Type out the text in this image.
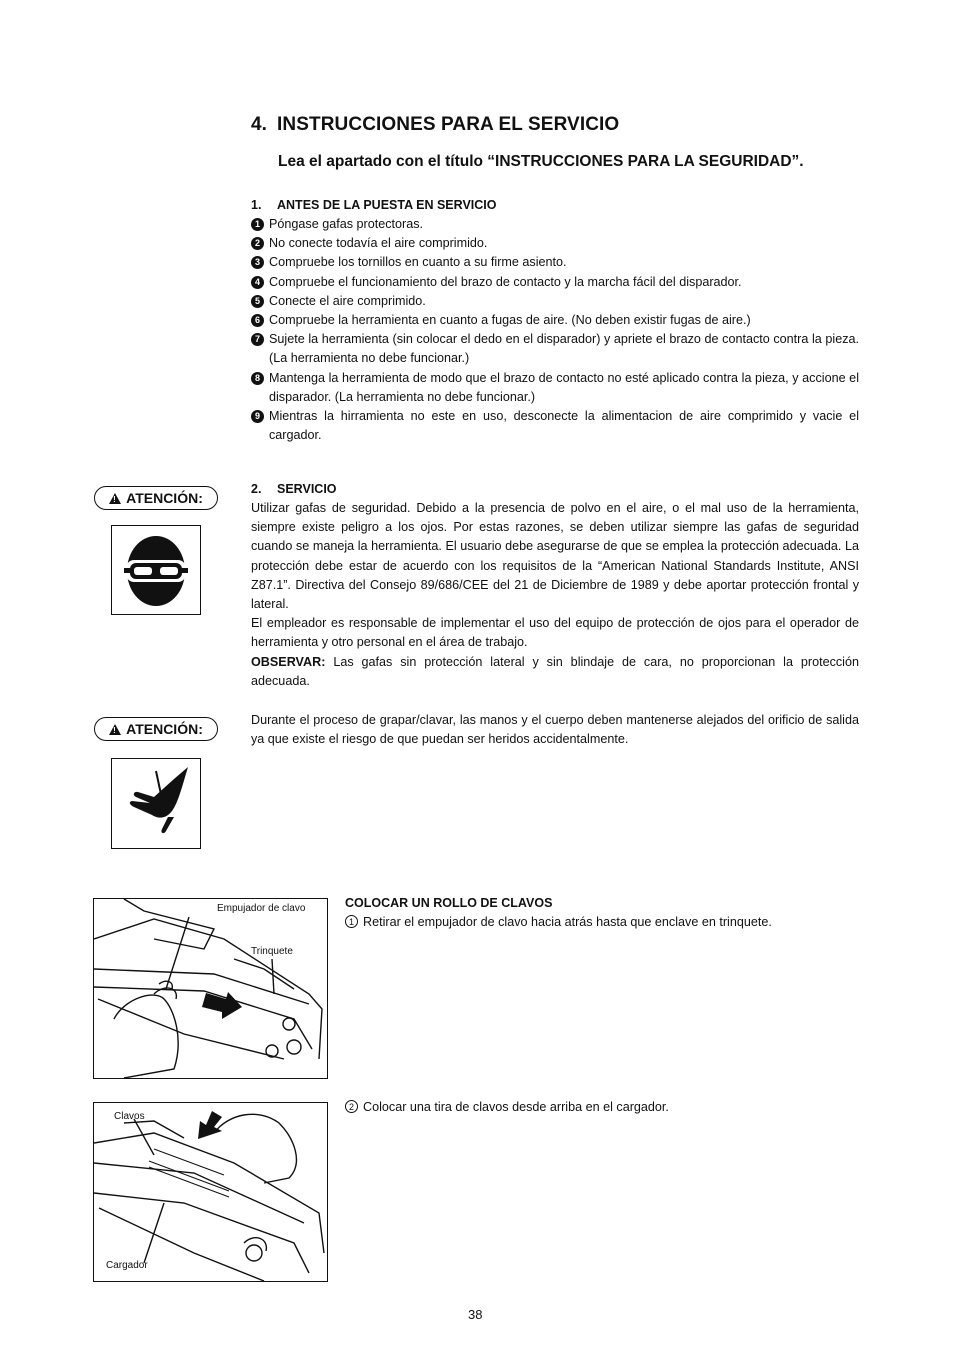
4. INSTRUCCIONES PARA EL SERVICIO
Lea el apartado con el título “INSTRUCCIONES PARA LA SEGURIDAD”.
1. ANTES DE LA PUESTA EN SERVICIO
1 Póngase gafas protectoras.
2 No conecte todavía el aire comprimido.
3 Compruebe los tornillos en cuanto a su firme asiento.
4 Compruebe el funcionamiento del brazo de contacto y la marcha fácil del disparador.
5 Conecte el aire comprimido.
6 Compruebe la herramienta en cuanto a fugas de aire. (No deben existir fugas de aire.)
7 Sujete la herramienta (sin colocar el dedo en el disparador) y apriete el brazo de contacto contra la pieza. (La herramienta no debe funcionar.)
8 Mantenga la herramienta de modo que el brazo de contacto no esté aplicado contra la pieza, y accione el disparador. (La herramienta no debe funcionar.)
9 Mientras la hirramienta no este en uso, desconecte la alimentacion de aire comprimido y vacie el cargador.
! ATENCIÓN:
2. SERVICIO
Utilizar gafas de seguridad. Debido a la presencia de polvo en el aire, o el mal uso de la herramienta, siempre existe peligro a los ojos. Por estas razones, se deben utilizar siempre las gafas de seguridad cuando se maneja la herramienta. El usuario debe asegurarse de que se emplea la protección adecuada. La protección debe estar de acuerdo con los requisitos de la “American National Standards Institute, ANSI Z87.1”. Directiva del Consejo 89/686/CEE del 21 de Diciembre de 1989 y debe aportar protección frontal y lateral.
El empleador es responsable de implementar el uso del equipo de protección de ojos para el operador de herramienta y otro personal en el área de trabajo.
OBSERVAR: Las gafas sin protección lateral y sin blindaje de cara, no proporcionan la protección adecuada.
! ATENCIÓN:
Durante el proceso de grapar/clavar, las manos y el cuerpo deben mantenerse alejados del orificio de salida ya que existe el riesgo de que puedan ser heridos accidentalmente.
COLOCAR UN ROLLO DE CLAVOS
1 Retirar el empujador de clavo hacia atrás hasta que enclave en trinquete.
2 Colocar una tira de clavos desde arriba en el cargador.
Empujador de clavo
Trinquete
Clavos
Cargador
38
